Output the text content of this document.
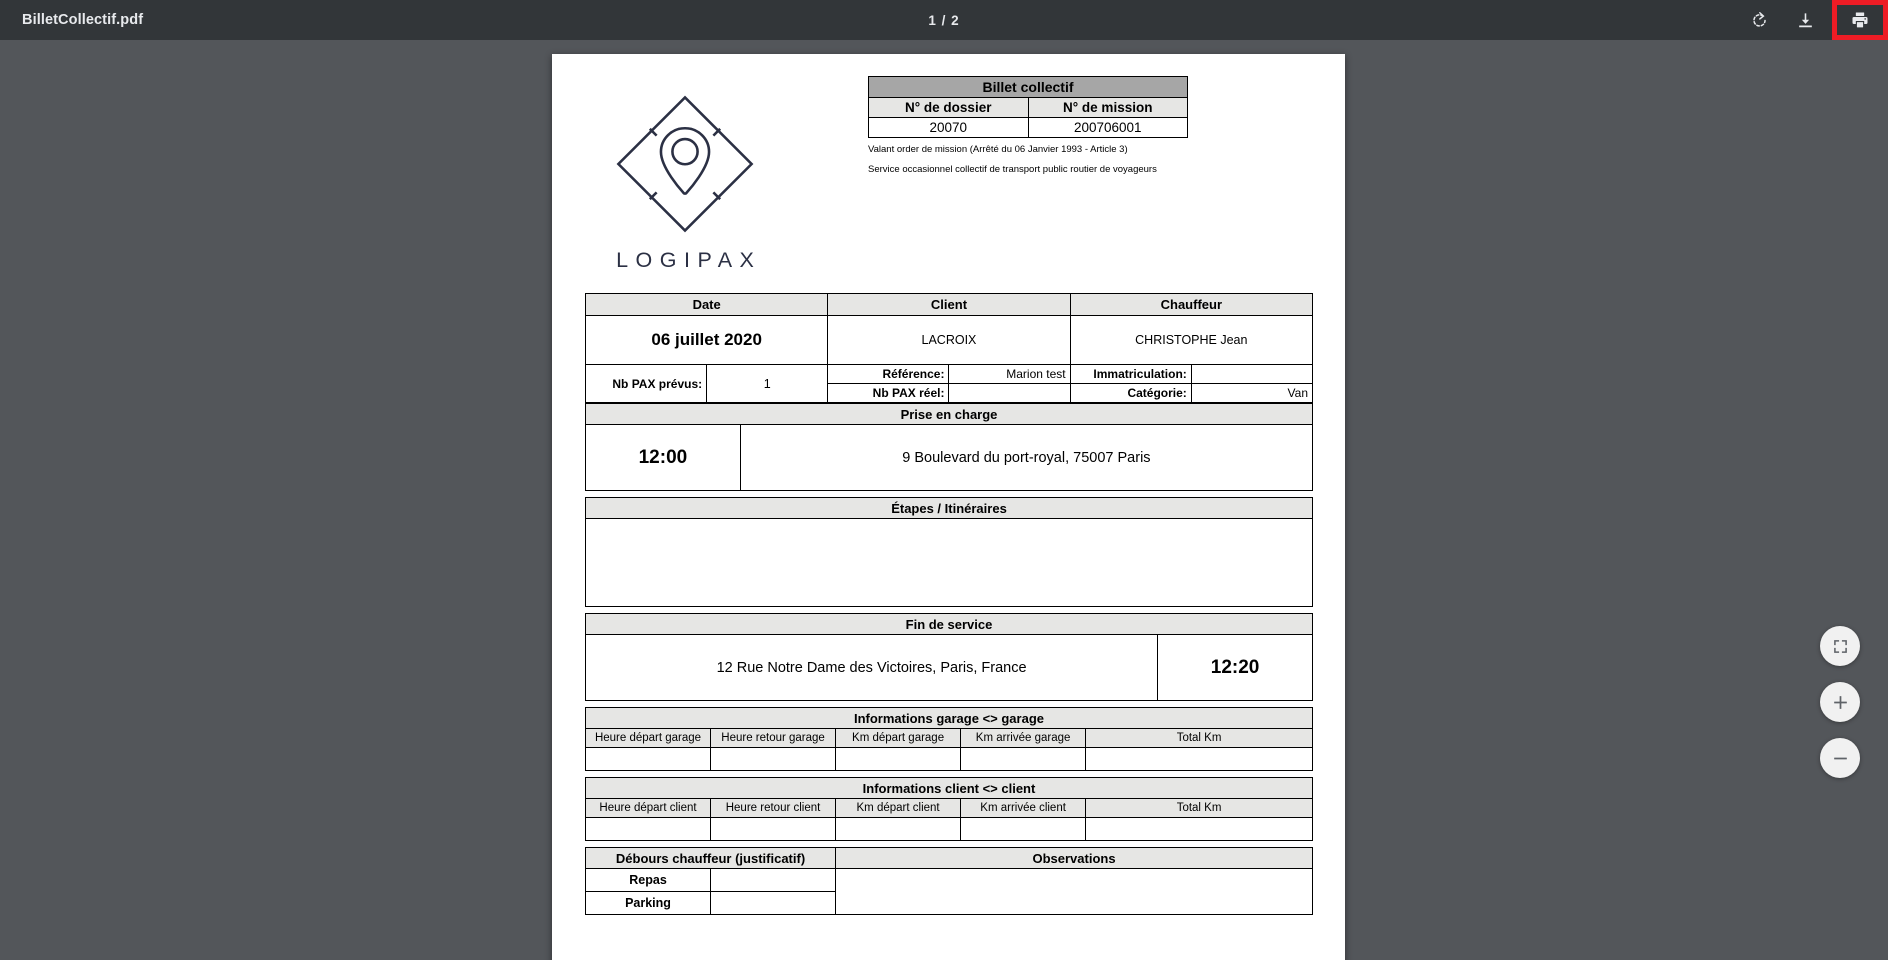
BilletCollectif.pdf	1 / 2
LOGIPAX
Billet collectif	
N° de dossier	N° de mission
20070	200706001
Valant order de mission (Arrêté du 06 Janvier 1993 - Article 3)
Service occasionnel collectif de transport public routier de voyageurs
Date		Client		Chauffeur	
06 juillet 2020		LACROIX		CHRISTOPHE Jean	
Nb PAX prévus:	1	Référence:	Marion test	Immatriculation:	
		Nb PAX réel:		Catégorie:	Van
Prise en charge
12:00	9 Boulevard du port-royal, 75007 Paris
Étapes / Itinéraires

Fin de service
12 Rue Notre Dame des Victoires, Paris, France	12:20
Informations garage <> garage				
Heure départ garage	Heure retour garage	Km départ garage	Km arrivée garage	Total Km

Informations client <> client				
Heure départ client	Heure retour client	Km départ client	Km arrivée client	Total Km

Débours chauffeur (justificatif)		Observations
Repas		
Parking		
